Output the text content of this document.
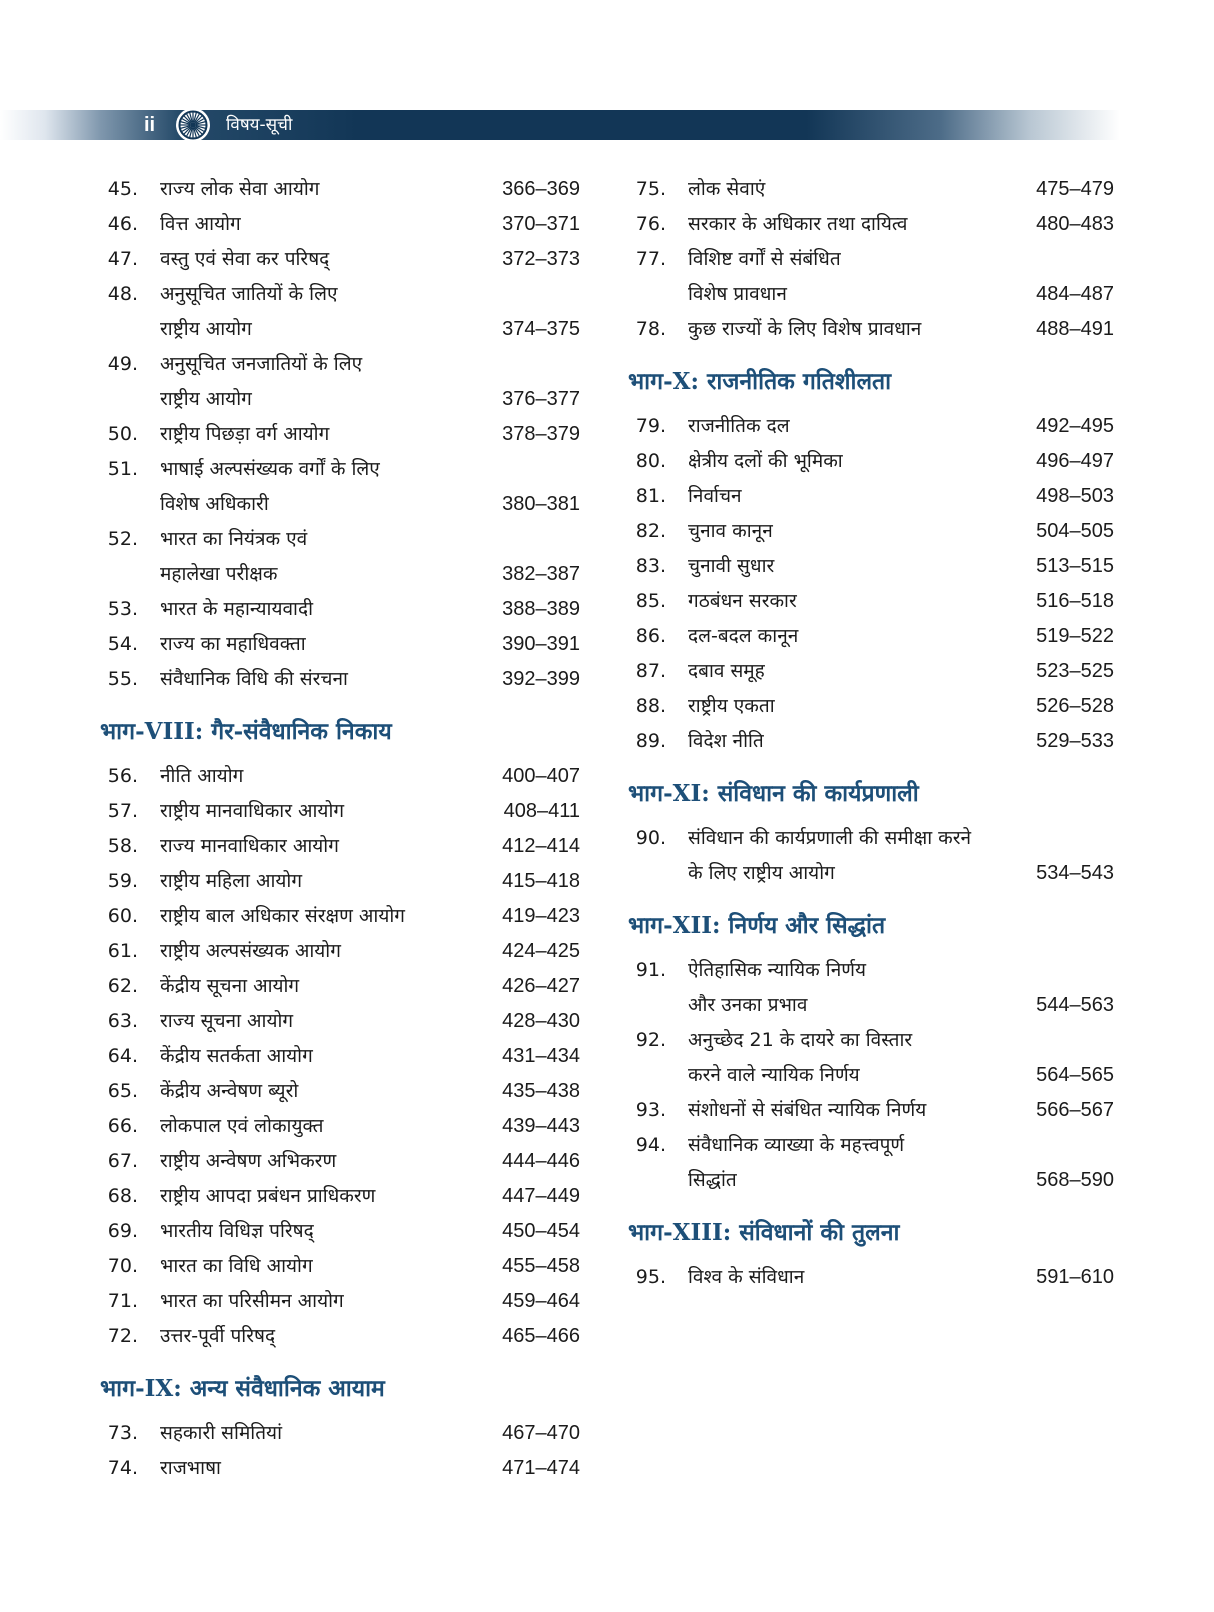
ii	विषय-सूची
45. राज्य लोक सेवा आयोग	366–369
46. वित्त आयोग	370–371
47. वस्तु एवं सेवा कर परिषद्	372–373
48. अनुसूचित जातियों के लिए
राष्ट्रीय आयोग	374–375
49. अनुसूचित जनजातियों के लिए
राष्ट्रीय आयोग	376–377
50. राष्ट्रीय पिछड़ा वर्ग आयोग	378–379
51. भाषाई अल्पसंख्यक वर्गों के लिए
विशेष अधिकारी	380–381
52. भारत का नियंत्रक एवं
महालेखा परीक्षक	382–387
53. भारत के महान्यायवादी	388–389
54. राज्य का महाधिवक्ता	390–391
55. संवैधानिक विधि की संरचना	392–399
भाग-VIII: गैर-संवैधानिक निकाय
56. नीति आयोग	400–407
57. राष्ट्रीय मानवाधिकार आयोग	408–411
58. राज्य मानवाधिकार आयोग	412–414
59. राष्ट्रीय महिला आयोग	415–418
60. राष्ट्रीय बाल अधिकार संरक्षण आयोग	419–423
61. राष्ट्रीय अल्पसंख्यक आयोग	424–425
62. केंद्रीय सूचना आयोग	426–427
63. राज्य सूचना आयोग	428–430
64. केंद्रीय सतर्कता आयोग	431–434
65. केंद्रीय अन्वेषण ब्यूरो	435–438
66. लोकपाल एवं लोकायुक्त	439–443
67. राष्ट्रीय अन्वेषण अभिकरण	444–446
68. राष्ट्रीय आपदा प्रबंधन प्राधिकरण	447–449
69. भारतीय विधिज्ञ परिषद्	450–454
70. भारत का विधि आयोग	455–458
71. भारत का परिसीमन आयोग	459–464
72. उत्तर-पूर्वी परिषद्	465–466
भाग-IX: अन्य संवैधानिक आयाम
73. सहकारी समितियां	467–470
74. राजभाषा	471–474
75. लोक सेवाएं	475–479
76. सरकार के अधिकार तथा दायित्व	480–483
77. विशिष्ट वर्गों से संबंधित
विशेष प्रावधान	484–487
78. कुछ राज्यों के लिए विशेष प्रावधान	488–491
भाग-X: राजनीतिक गतिशीलता
79. राजनीतिक दल	492–495
80. क्षेत्रीय दलों की भूमिका	496–497
81. निर्वाचन	498–503
82. चुनाव कानून	504–505
83. चुनावी सुधार	513–515
85. गठबंधन सरकार	516–518
86. दल-बदल कानून	519–522
87. दबाव समूह	523–525
88. राष्ट्रीय एकता	526–528
89. विदेश नीति	529–533
भाग-XI: संविधान की कार्यप्रणाली
90. संविधान की कार्यप्रणाली की समीक्षा करने
के लिए राष्ट्रीय आयोग	534–543
भाग-XII: निर्णय और सिद्धांत
91. ऐतिहासिक न्यायिक निर्णय
और उनका प्रभाव	544–563
92. अनुच्छेद 21 के दायरे का विस्तार
करने वाले न्यायिक निर्णय	564–565
93. संशोधनों से संबंधित न्यायिक निर्णय	566–567
94. संवैधानिक व्याख्या के महत्त्वपूर्ण
सिद्धांत	568–590
भाग-XIII: संविधानों की तुलना
95. विश्व के संविधान	591–610
